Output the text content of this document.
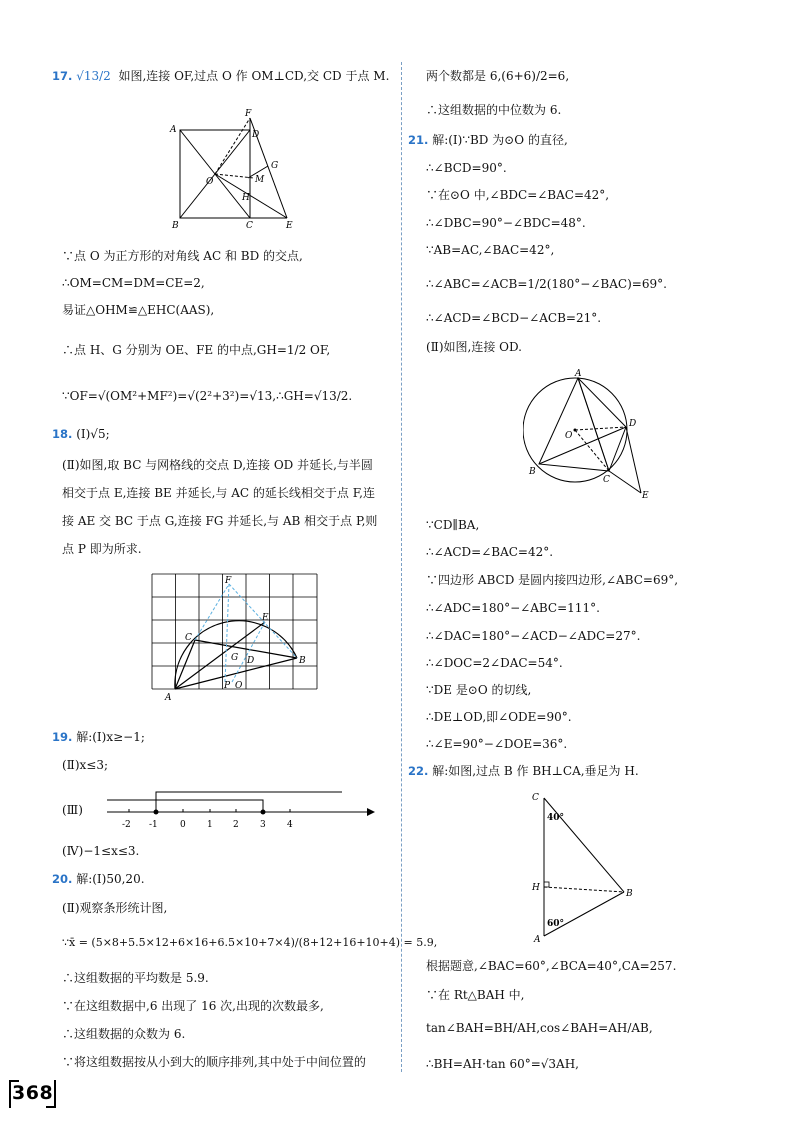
17. √13/2 如图,连接 OF,过点 O 作 OM⊥CD,交 CD 于点 M.
A
F
D
G
M
O
H
B	C	E
∵点 O 为正方形的对角线 AC 和 BD 的交点,
∴OM=CM=DM=CE=2,
易证△OHM≌△EHC(AAS),
∴点 H、G 分别为 OE、FE 的中点,GH=1/2 OF,
∵OF=√(OM²+MF²)=√(2²+3²)=√13,∴GH=√13/2.
18. (Ⅰ)√5;
(Ⅱ)如图,取 BC 与网格线的交点 D,连接 OD 并延长,与半圆
相交于点 E,连接 BE 并延长,与 AC 的延长线相交于点 F,连
接 AE 交 BC 于点 G,连接 FG 并延长,与 AB 相交于点 P,则
点 P 即为所求.
F
E
C
G D	B
P O
A
19. 解:(Ⅰ)x≥−1;
(Ⅱ)x≤3;
(Ⅲ)
-2 -1 0 1 2 3 4
(Ⅳ)−1≤x≤3.
20. 解:(Ⅰ)50,20.
(Ⅱ)观察条形统计图,
∵x̄ = (5×8+5.5×12+6×16+6.5×10+7×4)/(8+12+16+10+4) = 5.9,
∴这组数据的平均数是 5.9.
∵在这组数据中,6 出现了 16 次,出现的次数最多,
∴这组数据的众数为 6.
∵将这组数据按从小到大的顺序排列,其中处于中间位置的
两个数都是 6,(6+6)/2=6,
∴这组数据的中位数为 6.
21. 解:(Ⅰ)∵BD 为⊙O 的直径,
∴∠BCD=90°.
∵在⊙O 中,∠BDC=∠BAC=42°,
∴∠DBC=90°−∠BDC=48°.
∵AB=AC,∠BAC=42°,
∴∠ABC=∠ACB=1/2(180°−∠BAC)=69°.
∴∠ACD=∠BCD−∠ACB=21°.
(Ⅱ)如图,连接 OD.
A
O
D
B
C
E
∵CD∥BA,
∴∠ACD=∠BAC=42°.
∵四边形 ABCD 是圆内接四边形,∠ABC=69°,
∴∠ADC=180°−∠ABC=111°.
∴∠DAC=180°−∠ACD−∠ADC=27°.
∴∠DOC=2∠DAC=54°.
∵DE 是⊙O 的切线,
∴DE⊥OD,即∠ODE=90°.
∴∠E=90°−∠DOE=36°.
22. 解:如图,过点 B 作 BH⊥CA,垂足为 H.
C
H
B
A
40°
60°
根据题意,∠BAC=60°,∠BCA=40°,CA=257.
∵在 Rt△BAH 中,
tan∠BAH=BH/AH,cos∠BAH=AH/AB,
∴BH=AH·tan 60°=√3AH,
368
